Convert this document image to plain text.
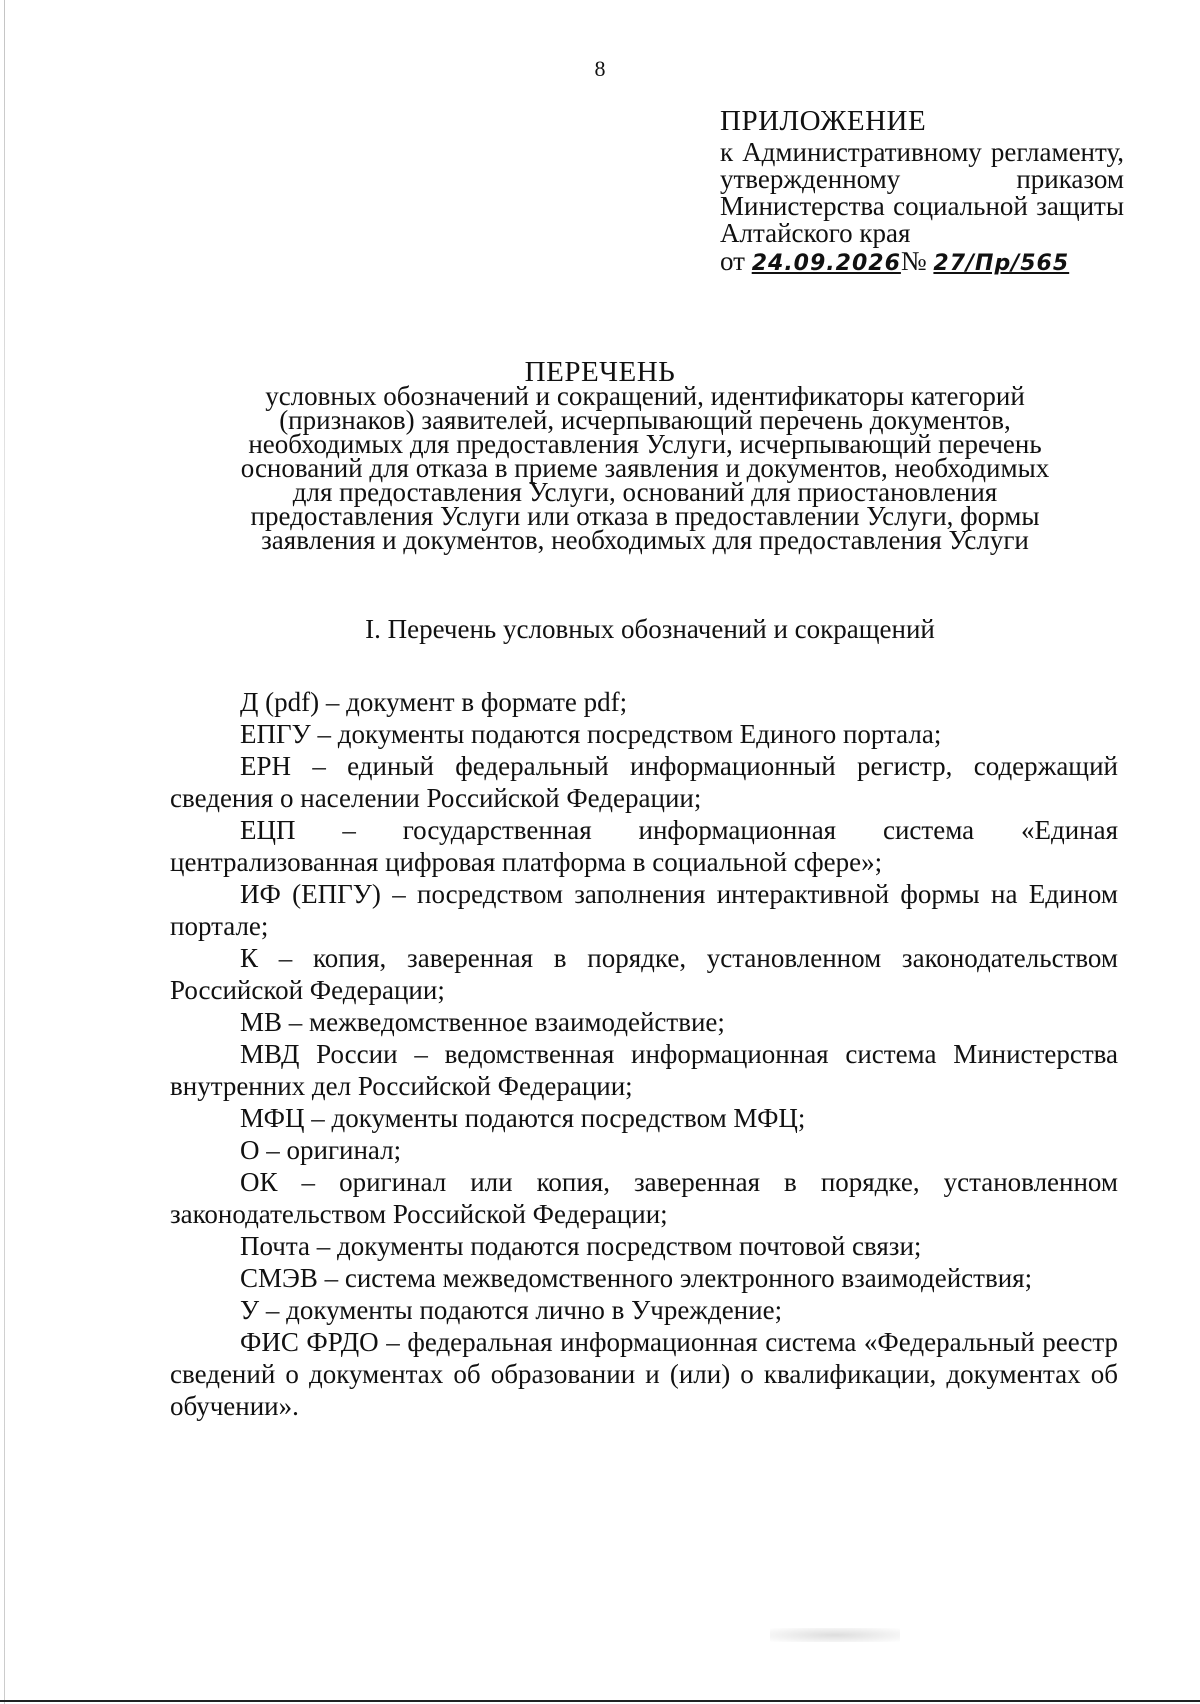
8
ПРИЛОЖЕНИЕ
к Административному регламенту, утвержденному приказом Министерства социальной защиты Алтайского края
от 24.09.2026№ 27/Пр/565
ПЕРЕЧЕНЬ
условных обозначений и сокращений, идентификаторы категорий (признаков) заявителей, исчерпывающий перечень документов, необходимых для предоставления Услуги, исчерпывающий перечень оснований для отказа в приеме заявления и документов, необходимых для предоставления Услуги, оснований для приостановления предоставления Услуги или отказа в предоставлении Услуги, формы заявления и документов, необходимых для предоставления Услуги
I. Перечень условных обозначений и сокращений

Д (pdf) – документ в формате pdf;

ЕПГУ – документы подаются посредством Единого портала;

ЕРН – единый федеральный информационный регистр, содержащий сведения о населении Российской Федерации;

ЕЦП – государственная информационная система «Единая централизованная цифровая платформа в социальной сфере»;

ИФ (ЕПГУ) – посредством заполнения интерактивной формы на Едином портале;

К – копия, заверенная в порядке, установленном законодательством Российской Федерации;

МВ – межведомственное взаимодействие;

МВД России – ведомственная информационная система Министерства внутренних дел Российской Федерации;

МФЦ – документы подаются посредством МФЦ;

О – оригинал;

ОК – оригинал или копия, заверенная в порядке, установленном законодательством Российской Федерации;

Почта – документы подаются посредством почтовой связи;

СМЭВ – система межведомственного электронного взаимодействия;

У – документы подаются лично в Учреждение;

ФИС ФРДО – федеральная информационная система «Федеральный реестр сведений о документах об образовании и (или) о квалификации, документах об обучении».
